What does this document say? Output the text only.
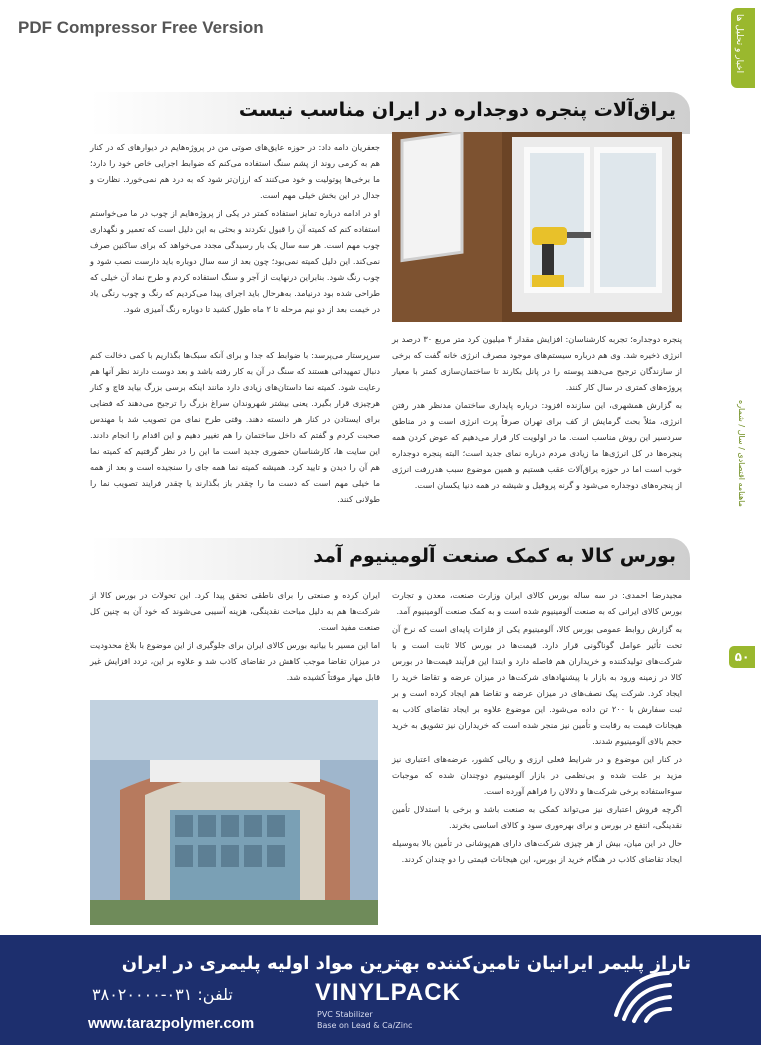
PDF Compressor Free Version	اخبار و تحلیل ها
ماهنامه اقتصادی / سال / شماره
۵۰
یراق‌آلات پنجره دوجداره در ایران مناسب نیست

جعفریان دامه داد: در حوزه عایق‌های صوتی من در پروژه‌هایم در دیوارهای که در کنار هم به کرمی روند از پشم سنگ استفاده می‌کنم که ضوابط اجرایی خاص خود را دارد؛ ما برخی‌ها پوتولیت و خود می‌کنند که ارزان‌تر شود که به درد هم نمی‌خورد. نظارت و جدال در این بخش خیلی مهم است.

او در ادامه درباره تمایز استفاده کمتر در یکی از پروژه‌هایم از چوب در ما می‌خواستم استفاده کنم که کمیته آن را قبول نکردند و بحثی به این دلیل است که تعمیر و نگهداری چوب مهم است. هر سه سال یک بار رسیدگی مجدد می‌خواهد که برای ساکنین صرف نمی‌کند. این دلیل کمیته نمی‌بود؛ چون بعد از سه سال دوباره باید دارست نصب شود و چوب رنگ شود. بنابراین درنهایت از آجر و سنگ استفاده کردم و طرح نماد آن خیلی که طراحی شده بود درنیامد. به‌هرحال باید اجرای پیدا می‌کردیم که رنگ و چوب رنگی یاد در خیمت بعد از دو نیم مرحله تا ۲ ماه طول کشید تا دوباره رنگ آمیزی شود.

پنجره دوجداره؛ تجربه کارشناسان: افزایش مقدار ۴ میلیون کرد متر مربع ۳۰ درصد بر انرژی ذخیره شد. وی هم درباره سیستم‌های موجود مصرف انرژی خانه گفت که برخی از سازندگان ترجیح می‌دهند پوسته را در پانل بکارند تا ساختمان‌سازی کمتر با معیار پروژه‌های کمتری در سال کار کنند.

به گزارش همشهری، این سازنده افزود: درباره پایداری ساختمان مدنظر هدر رفتن انرژی، مثلاً بحث گرمایش از کف برای تهران صرفاً پرت انرژی است و در مناطق سردسیر این روش مناسب است. ما در اولویت کار قرار می‌دهیم که عوض کردن همه پنجره‌ها در کل انرژی‌ها ما زیادی مردم درباره نمای جدید است؛ البته پنجره دوجداره خوب است اما در حوزه یراق‌آلات عقب هستیم و همین موضوع سبب هدررفت انرژی از پنجره‌های دوجداره می‌شود و گرنه پروفیل و شیشه در همه دنیا یکسان است.

سرپرستار می‌پرسد: با ضوابط که جدا و برای آنکه سبک‌ها بگذاریم با کمی دخالت کنم دنبال تمهیداتی هستند که سنگ در آن به کار رفته باشد و بعد دوست دارند نظر آنها هم رعایت شود. کمیته نما داستان‌های زیادی دارد مانند اینکه برسی بزرگ بیاید قاچ و کنار هرچیزی قرار بگیرد. یعنی بیشتر شهروندان سراغ بزرگ را ترجیح می‌دهند که فضایی برای ایستادن در کنار هر دانسته دهند. وقتی طرح نمای من تصویب شد با مهندس صحبت کردم و گفتم که داخل ساختمان را هم تغییر دهیم و این اقدام را انجام دادند. این سایت ها، کارشناسان حضوری جدید است ما این را در نظر گرفتیم که کمیته نما هم آن را دیدن و تایید کرد. همیشه کمیته نما همه جای را سنجیده است و بعد از همه ما خیلی مهم است که دست ما را چقدر باز بگذارند یا چقدر فرایند تصویب نما را طولانی کنند.

بورس کالا به کمک صنعت آلومینیوم آمد

ایران کرده و صنعتی را برای ناطقی تحقق پیدا کرد. این تحولات در بورس کالا از شرکت‌ها هم به دلیل مباحث نقدینگی، هزینه آسیبی می‌شوند که خود آن به چنین کل صنعت مفید است.

اما این مسیر با بیانیه بورس کالای ایران برای جلوگیری از این موضوع با بلاغ محدودیت در میزان تقاضا موجب کاهش در تقاضای کاذب شد و علاوه بر این، تردد افزایش غیر قابل مهار موقتاً کشیده شد.

مجیدرضا احمدی: در سه ساله بورس کالای ایران وزارت صنعت، معدن و تجارت بورس کالای ایرانی که به صنعت آلومینیوم شده است و به کمک صنعت آلومینیوم آمد.

به گزارش روابط عمومی بورس کالا، آلومینیوم یکی از فلزات پایه‌ای است که نرخ آن تحت تأثیر عوامل گوناگونی قرار دارد. قیمت‌ها در بورس کالا ثابت است و با شرکت‌های تولیدکننده و خریداران هم فاصله دارد و ابتدا این فرآیند قیمت‌ها در بورس کالا در زمینه ورود به بازار با پیشنهادهای شرکت‌ها در میزان عرضه و تقاضا خرید را ایجاد کرد. شرکت پیک نصف‌های در میزان عرضه و تقاضا هم ایجاد کرده است و بر ثبت سفارش با ۲۰۰ تن داده می‌شود. این موضوع علاوه بر ایجاد تقاضای کاذب به هیجانات قیمت به رقابت و تأمین نیز منجر شده است که خریداران نیز تشویق به خرید حجم بالای آلومینیوم شدند.

در کنار این موضوع و در شرایط فعلی ارزی و ریالی کشور، عرضه‌های اعتباری نیز مزید بر علت شده و بی‌نظمی در بازار آلومینیوم دوچندان شده که موجبات سوءاستفاده برخی شرکت‌ها و دلالان را فراهم آورده است.

اگرچه فروش اعتباری نیز می‌تواند کمکی به صنعت باشد و برخی با استدلال تأمین نقدینگی، انتفع در بورس و برای بهره‌وری سود و کالای اساسی بخرند.

حال در این میان، بیش از هر چیزی شرکت‌های دارای هم‌پوشانی در تأمین بالا به‌وسیله ایجاد تقاضای کاذب در هنگام خرید از بورس، این هیجانات قیمتی را دو چندان کردند.

تاراز پلیمر ایرانیان تامین‌کننده بهترین مواد اولیه پلیمری در ایران
VINYLPACK
PVC Stabilizer
Base on Lead & Ca/Zinc
تلفن: ۰۳۱-۳۸۰۲۰۰۰۰
www.tarazpolymer.com
